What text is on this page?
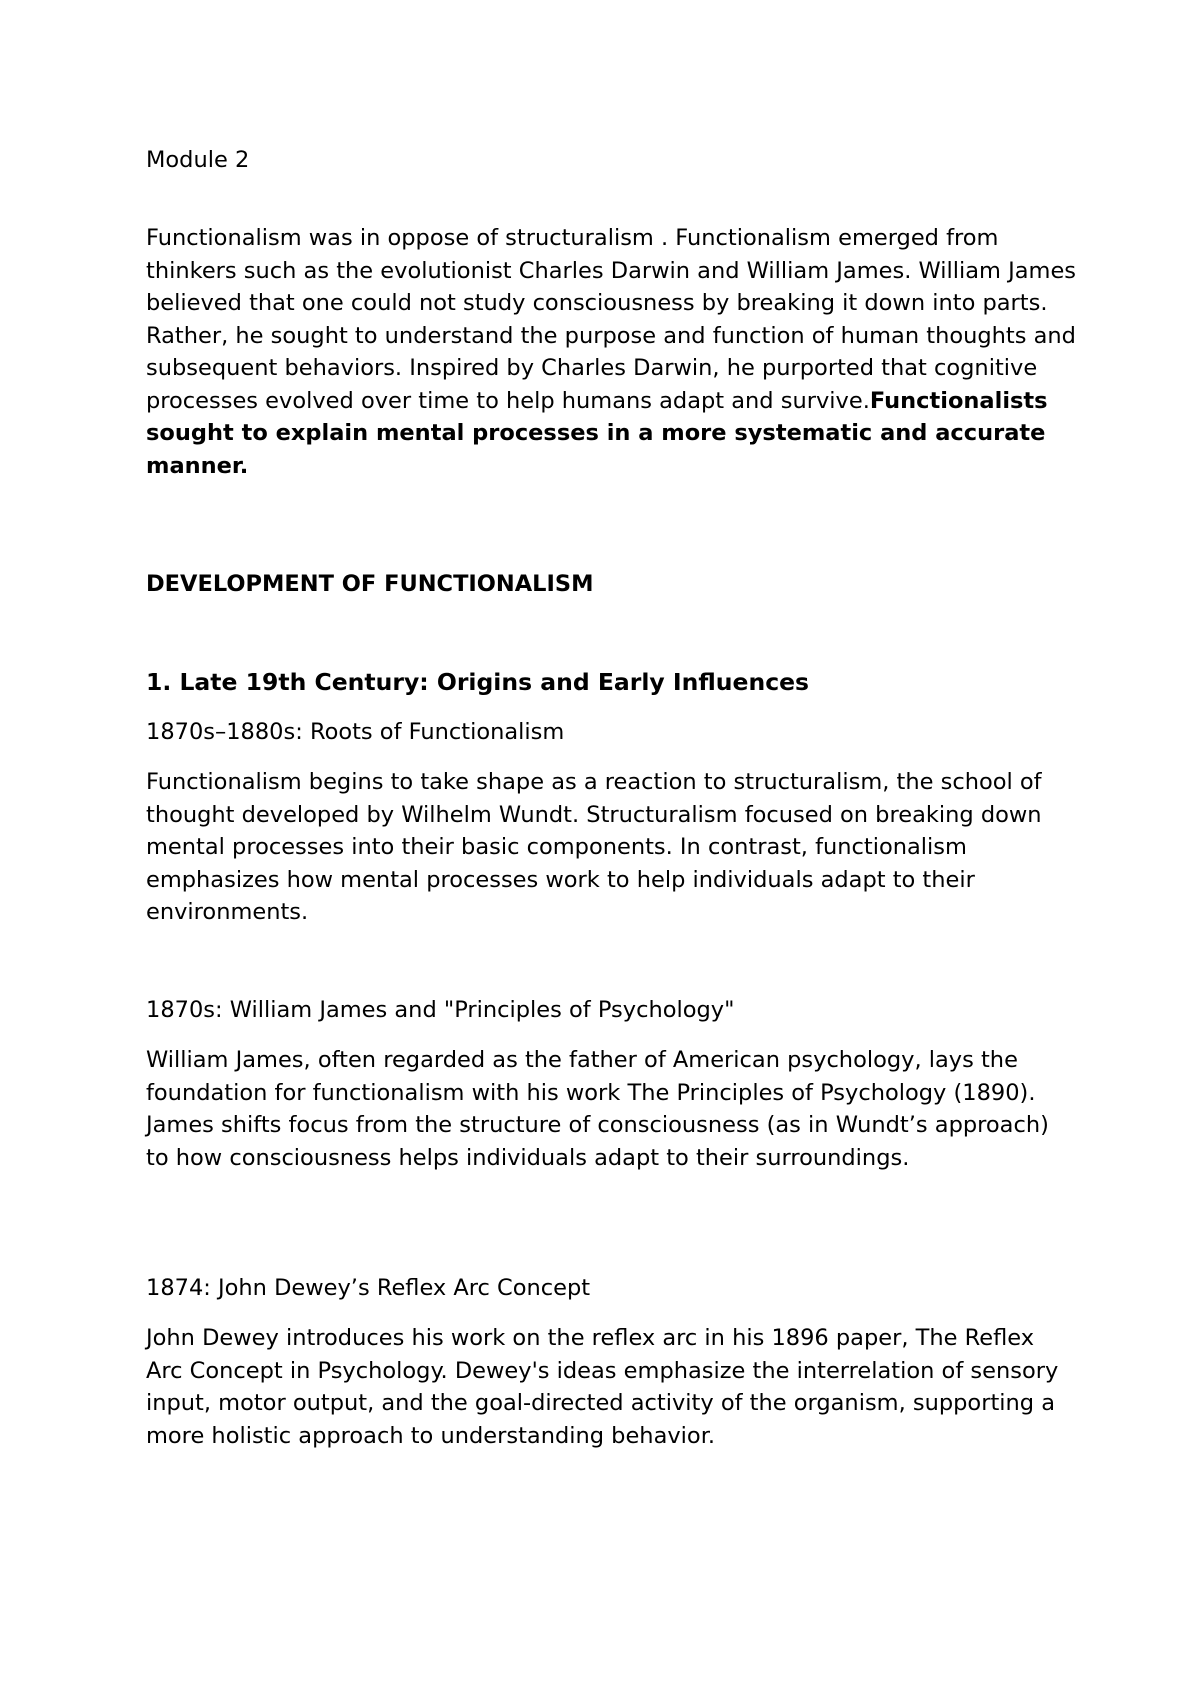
Module 2

Functionalism was in oppose of structuralism . Functionalism emerged from thinkers such as the evolutionist Charles Darwin and William James. William James believed that one could not study consciousness by breaking it down into parts. Rather, he sought to understand the purpose and function of human thoughts and subsequent behaviors. Inspired by Charles Darwin, he purported that cognitive processes evolved over time to help humans adapt and survive.Functionalists sought to explain mental processes in a more systematic and accurate manner.

DEVELOPMENT OF FUNCTIONALISM

1. Late 19th Century: Origins and Early Influences

1870s–1880s: Roots of Functionalism

Functionalism begins to take shape as a reaction to structuralism, the school of thought developed by Wilhelm Wundt. Structuralism focused on breaking down mental processes into their basic components. In contrast, functionalism emphasizes how mental processes work to help individuals adapt to their environments.

1870s: William James and "Principles of Psychology"

William James, often regarded as the father of American psychology, lays the foundation for functionalism with his work The Principles of Psychology (1890). James shifts focus from the structure of consciousness (as in Wundt’s approach) to how consciousness helps individuals adapt to their surroundings.

1874: John Dewey’s Reflex Arc Concept

John Dewey introduces his work on the reflex arc in his 1896 paper, The Reflex Arc Concept in Psychology. Dewey's ideas emphasize the interrelation of sensory input, motor output, and the goal-directed activity of the organism, supporting a more holistic approach to understanding behavior.
